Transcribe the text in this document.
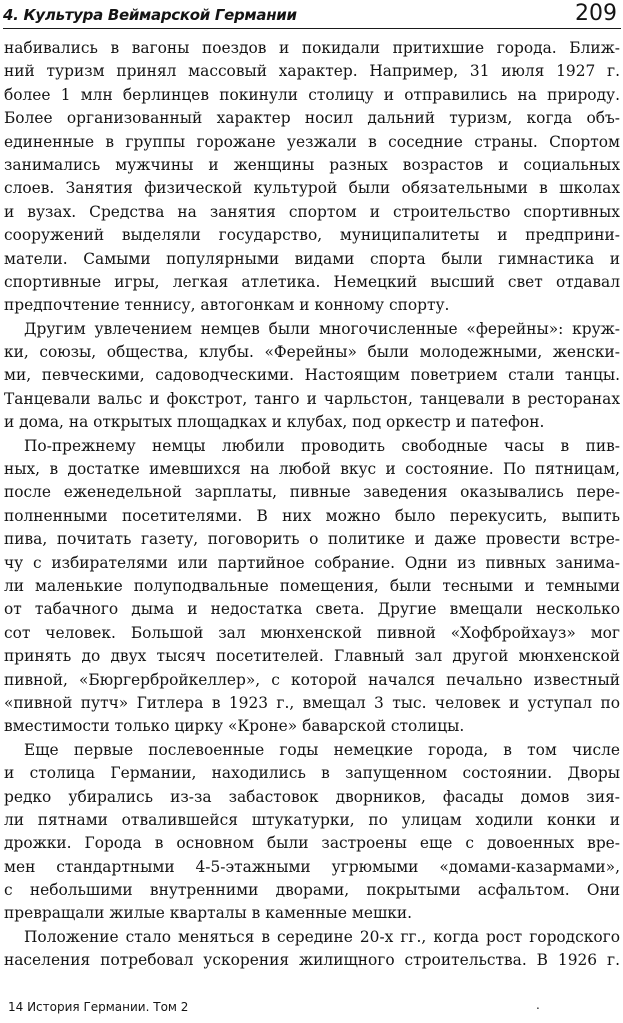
4. Культура Веймарской Германии	209
набивались в вагоны поездов и покидали притихшие города. Ближ-
ний туризм принял массовый характер. Например, 31 июля 1927 г.
более 1 млн берлинцев покинули столицу и отправились на природу.
Более организованный характер носил дальний туризм, когда объ-
единенные в группы горожане уезжали в соседние страны. Спортом
занимались мужчины и женщины разных возрастов и социальных
слоев. Занятия физической культурой были обязательными в школах
и вузах. Средства на занятия спортом и строительство спортивных
сооружений выделяли государство, муниципалитеты и предприни-
матели. Самыми популярными видами спорта были гимнастика и
спортивные игры, легкая атлетика. Немецкий высший свет отдавал
предпочтение теннису, автогонкам и конному спорту.
Другим увлечением немцев были многочисленные «ферейны»: круж-
ки, союзы, общества, клубы. «Ферейны» были молодежными, женски-
ми, певческими, садоводческими. Настоящим поветрием стали танцы.
Танцевали вальс и фокстрот, танго и чарльстон, танцевали в ресторанах
и дома, на открытых площадках и клубах, под оркестр и патефон.
По-прежнему немцы любили проводить свободные часы в пив-
ных, в достатке имевшихся на любой вкус и состояние. По пятницам,
после еженедельной зарплаты, пивные заведения оказывались пере-
полненными посетителями. В них можно было перекусить, выпить
пива, почитать газету, поговорить о политике и даже провести встре-
чу с избирателями или партийное собрание. Одни из пивных занима-
ли маленькие полуподвальные помещения, были тесными и темными
от табачного дыма и недостатка света. Другие вмещали несколько
сот человек. Большой зал мюнхенской пивной «Хофбройхауз» мог
принять до двух тысяч посетителей. Главный зал другой мюнхенской
пивной, «Бюргербройкеллер», с которой начался печально известный
«пивной путч» Гитлера в 1923 г., вмещал 3 тыс. человек и уступал по
вместимости только цирку «Кроне» баварской столицы.
Еще первые послевоенные годы немецкие города, в том числе
и столица Германии, находились в запущенном состоянии. Дворы
редко убирались из-за забастовок дворников, фасады домов зия-
ли пятнами отвалившейся штукатурки, по улицам ходили конки и
дрожки. Города в основном были застроены еще с довоенных вре-
мен стандартными 4-5-этажными угрюмыми «домами-казармами»,
с небольшими внутренними дворами, покрытыми асфальтом. Они
превращали жилые кварталы в каменные мешки.
Положение стало меняться в середине 20-х гг., когда рост городского
населения потребовал ускорения жилищного строительства. В 1926 г.
14 История Германии. Том 2	.
